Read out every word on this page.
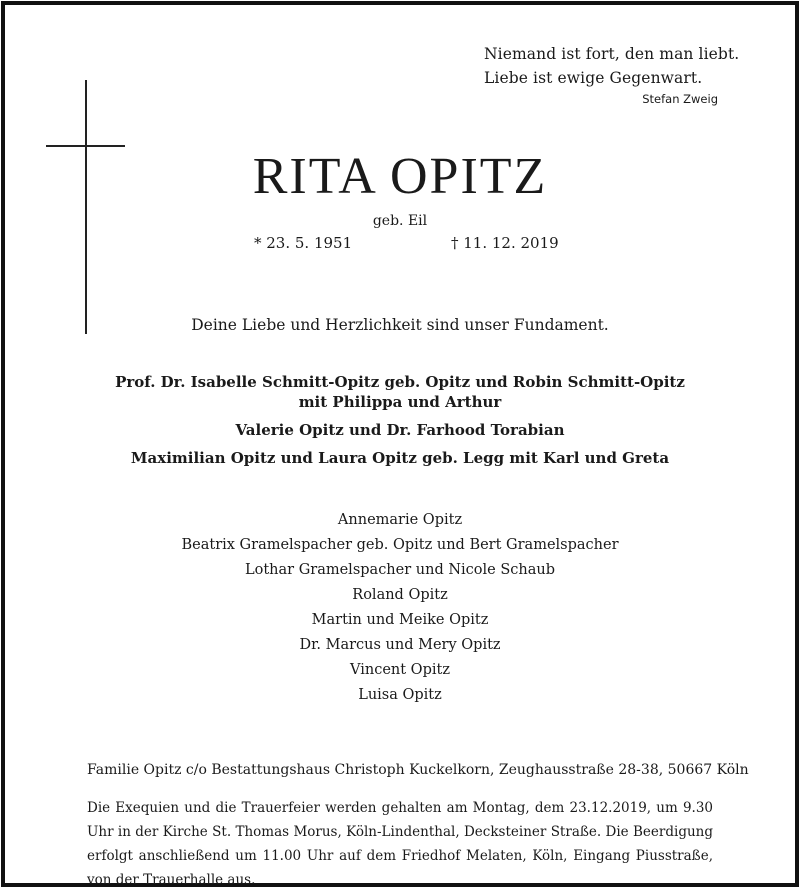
Niemand ist fort, den man liebt.
Liebe ist ewige Gegenwart.
Stefan Zweig
RITA OPITZ
geb. Eil
* 23. 5. 1951	† 11. 12. 2019
Deine Liebe und Herzlichkeit sind unser Fundament.
Prof. Dr. Isabelle Schmitt-Opitz geb. Opitz und Robin Schmitt-Opitz
mit Philippa und Arthur
Valerie Opitz und Dr. Farhood Torabian
Maximilian Opitz und Laura Opitz geb. Legg mit Karl und Greta
Annemarie Opitz
Beatrix Gramelspacher geb. Opitz und Bert Gramelspacher
Lothar Gramelspacher und Nicole Schaub
Roland Opitz
Martin und Meike Opitz
Dr. Marcus und Mery Opitz
Vincent Opitz
Luisa Opitz
Familie Opitz c/o Bestattungshaus Christoph Kuckelkorn, Zeughausstraße 28-38, 50667 Köln
Die Exequien und die Trauerfeier werden gehalten am Montag, dem 23.12.2019, um 9.30 Uhr in der Kirche St. Thomas Morus, Köln-Lindenthal, Decksteiner Straße. Die Beerdigung erfolgt anschließend um 11.00 Uhr auf dem Friedhof Melaten, Köln, Eingang Piusstraße, von der Trauerhalle aus.
